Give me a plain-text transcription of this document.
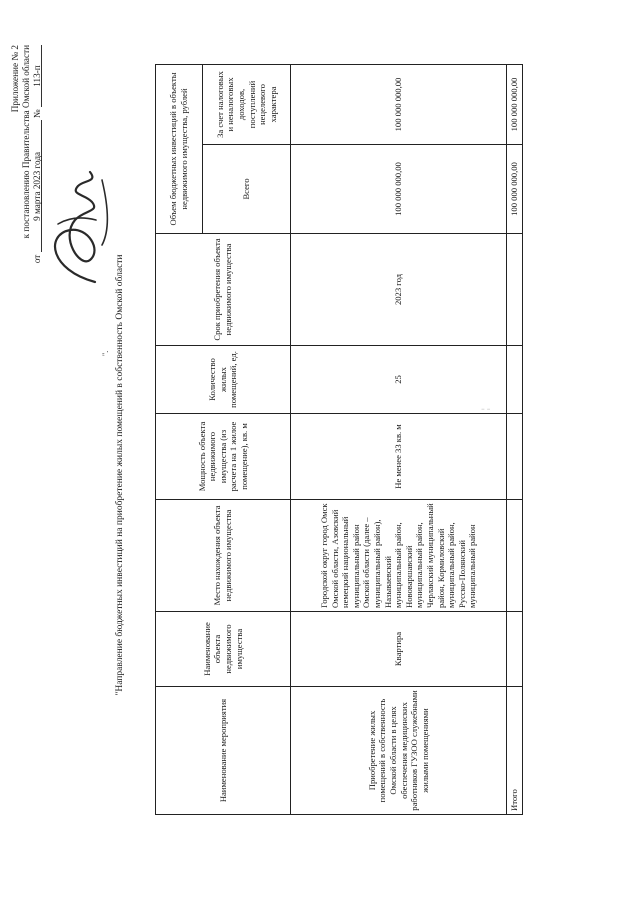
Приложение № 2 к постановлению Правительства Омской области
от 9 марта 2023 года № 113-п
"Направление бюджетных инвестиций на приобретение жилых помещений в собственность Омской области
Наименование мероприятия	Наименование объекта недвижимого имущества	Место нахождения объекта недвижимого имущества	Мощность объекта недвижимого имущества (из расчета на 1 жилое помещение), кв. м	Количество жилых помещений, ед.	Срок приобретения объекта недвижимого имущества	Объем бюджетных инвестиций в объекты недвижимого имущества, рублей	
						Всего	За счет налоговых и неналоговых доходов, поступлений нецелевого характера
Приобретение жилых помещений в собственность Омской области в целях обеспечения медицинских работников ГУЗОО служебными жилыми помещениями	Квартира	Городской округ город Омск Омской области, Азовский немецкий национальный муниципальный район Омской области (далее – муниципальный район), Называевский муниципальный район, Нововаршавский муниципальный район, Черлакский муниципальный район, Кормиловский муниципальный район, Русско-Полянский муниципальный район	Не менее 33 кв. м	25	2023 год	100 000 000,00	100 000 000,00
Итого						100 000 000,00	100 000 000,00
¦
".
